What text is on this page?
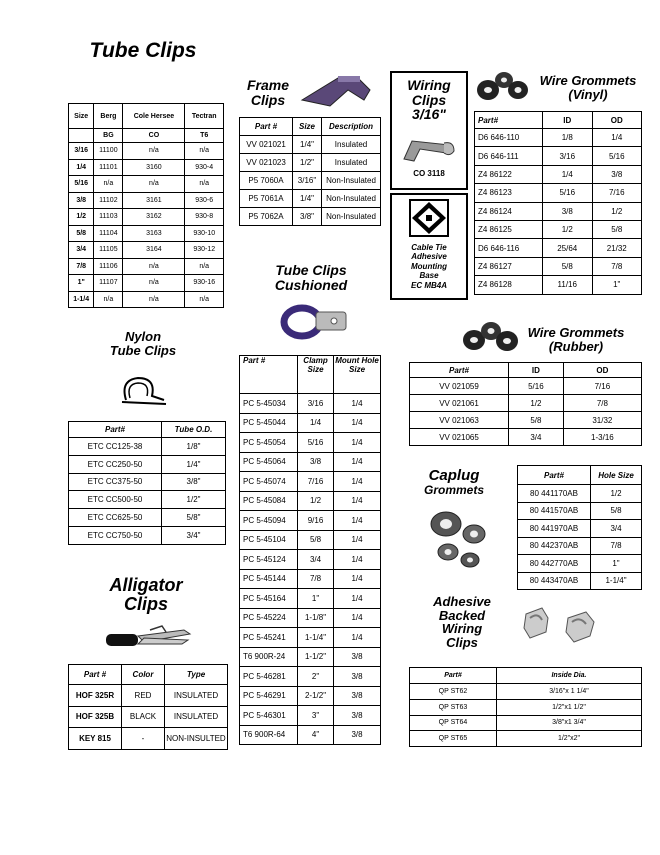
Tube Clips
Size	Berg	Cole Hersee	Tectran
	BG	CO	T6
3/16	11100	n/a	n/a
1/4	11101	3160	930-4
5/16	n/a	n/a	n/a
3/8	11102	3161	930-6
1/2	11103	3162	930-8
5/8	11104	3163	930-10
3/4	11105	3164	930-12
7/8	11106	n/a	n/a
1"	11107	n/a	930-16
1-1/4	n/a	n/a	n/a
Frame
Clips
Part #	Size	Description
VV 021021	1/4"	Insulated
VV 021023	1/2"	Insulated
P5 7060A	3/16"	Non-Insulated
P5 7061A	1/4"	Non-Insulated
P5 7062A	3/8"	Non-Insulated
Wiring
Clips
3/16"
CO 3118
Cable Tie
Adhesive
Mounting
Base
EC MB4A
Wire Grommets
(Vinyl)
Part#	ID	OD
D6 646-110	1/8	1/4
D6 646-111	3/16	5/16
Z4 86122	1/4	3/8
Z4 86123	5/16	7/16
Z4 86124	3/8	1/2
Z4 86125	1/2	5/8
D6 646-116	25/64	21/32
Z4 86127	5/8	7/8
Z4 86128	11/16	1"
Tube Clips
Cushioned
Part #	Clamp Size	Mount Hole Size
PC 5-45034	3/16	1/4
PC 5-45044	1/4	1/4
PC 5-45054	5/16	1/4
PC 5-45064	3/8	1/4
PC 5-45074	7/16	1/4
PC 5-45084	1/2	1/4
PC 5-45094	9/16	1/4
PC 5-45104	5/8	1/4
PC 5-45124	3/4	1/4
PC 5-45144	7/8	1/4
PC 5-45164	1"	1/4
PC 5-45224	1-1/8"	1/4
PC 5-45241	1-1/4"	1/4
T6 900R-24	1-1/2"	3/8
PC 5-46281	2"	3/8
PC 5-46291	2-1/2"	3/8
PC 5-46301	3"	3/8
T6 900R-64	4"	3/8
Nylon
Tube Clips
Part#	Tube O.D.
ETC CC125-38	1/8"
ETC CC250-50	1/4"
ETC CC375-50	3/8"
ETC CC500-50	1/2"
ETC CC625-50	5/8"
ETC CC750-50	3/4"
Wire Grommets
(Rubber)
Part#	ID	OD
VV 021059	5/16	7/16
VV 021061	1/2	7/8
VV 021063	5/8	31/32
VV 021065	3/4	1-3/16
Caplug
Grommets
Part#	Hole Size
80 441170AB	1/2
80 441570AB	5/8
80 441970AB	3/4
80 442370AB	7/8
80 442770AB	1"
80 443470AB	1-1/4"
Alligator
Clips
Part #	Color	Type
HOF 325R	RED	INSULATED
HOF 325B	BLACK	INSULATED
KEY 815	-	NON-INSULTED
Adhesive
Backed
Wiring
Clips
Part#	Inside Dia.
QP ST62	3/16"x 1 1/4"
QP ST63	1/2"x1 1/2"
QP ST64	3/8"x1 3/4"
QP ST65	1/2"x2"
